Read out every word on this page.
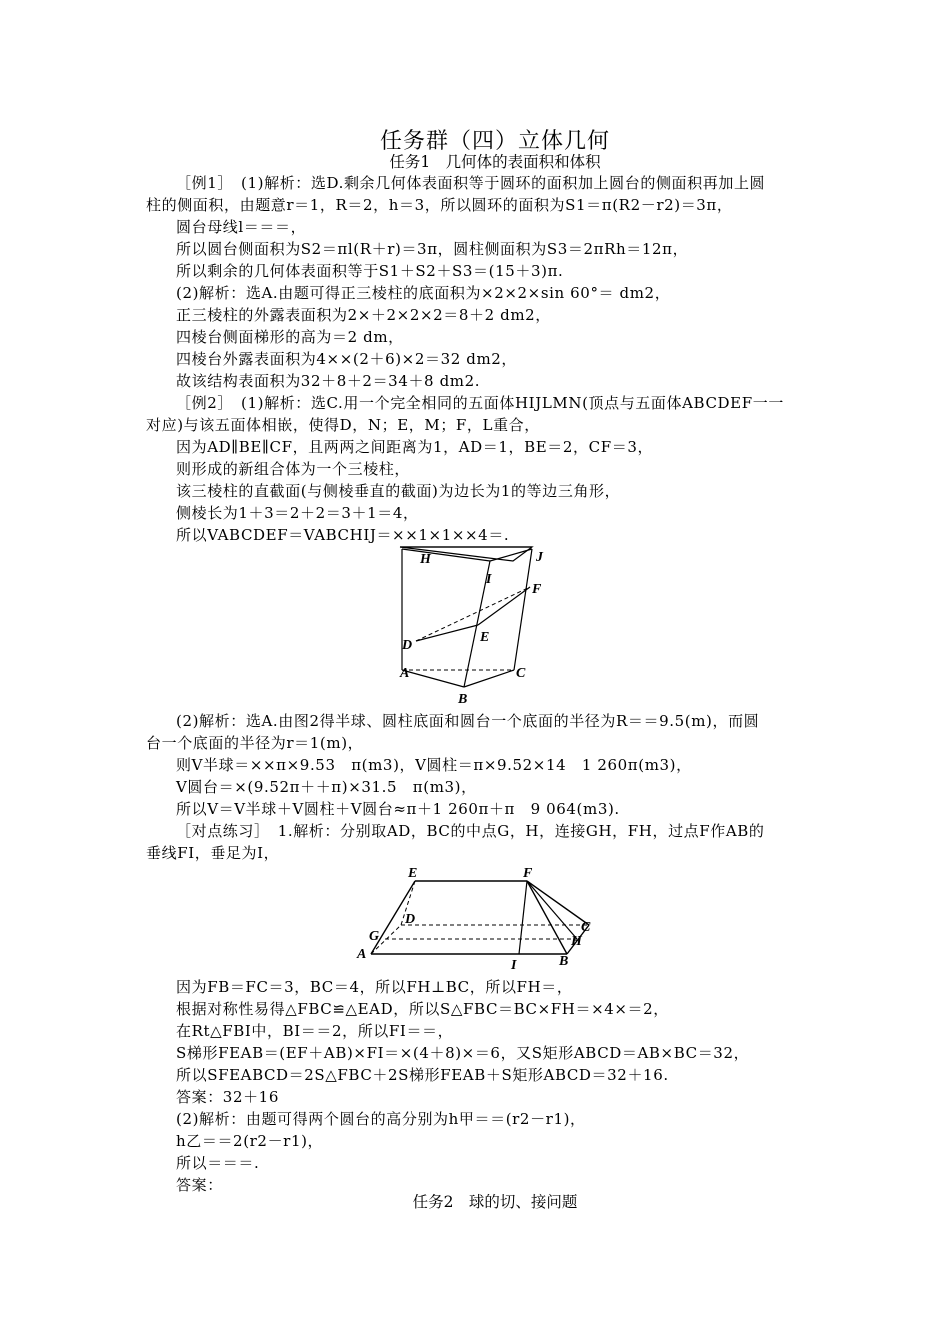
任务群（四）立体几何
任务1　几何体的表面积和体积
［例1］　(1)解析：选D.剩余几何体表面积等于圆环的面积加上圆台的侧面积再加上圆
柱的侧面积，由题意r＝1，R＝2，h＝3，所以圆环的面积为S1＝π(R2－r2)＝3π，
圆台母线l＝＝＝，
所以圆台侧面积为S2＝πl(R＋r)＝3π，圆柱侧面积为S3＝2πRh＝12π，
所以剩余的几何体表面积等于S1＋S2＋S3＝(15＋3)π.
(2)解析：选A.由题可得正三棱柱的底面积为×2×2×sin 60°＝ dm2，
正三棱柱的外露表面积为2×＋2×2×2＝8＋2 dm2，
四棱台侧面梯形的高为＝2 dm，
四棱台外露表面积为4××(2＋6)×2＝32 dm2，
故该结构表面积为32＋8＋2＝34＋8 dm2.
［例2］　(1)解析：选C.用一个完全相同的五面体HIJLMN(顶点与五面体ABCDEF一一
对应)与该五面体相嵌，使得D，N；E，M；F，L重合，
因为AD∥BE∥CF，且两两之间距离为1，AD＝1，BE＝2，CF＝3，
则形成的新组合体为一个三棱柱，
该三棱柱的直截面(与侧棱垂直的截面)为边长为1的等边三角形，
侧棱长为1＋3＝2＋2＝3＋1＝4，
所以VABCDEF＝VABCHIJ＝××1×1××4＝.
H
I
J
F
D
E
A	C
B
(2)解析：选A.由图2得半球、圆柱底面和圆台一个底面的半径为R＝＝9.5(m)，而圆
台一个底面的半径为r＝1(m)，
则V半球＝××π×9.53　π(m3)，V圆柱＝π×9.52×14　1 260π(m3)，
V圆台＝×(9.52π＋＋π)×31.5　π(m3)，
所以V＝V半球＋V圆柱＋V圆台≈π＋1 260π＋π　9 064(m3).
［对点练习］　1.解析：分别取AD，BC的中点G，H，连接GH，FH，过点F作AB的
垂线FI，垂足为I，
E	F
D
C
G	H
A
I	B
因为FB＝FC＝3，BC＝4，所以FH⊥BC，所以FH＝，
根据对称性易得△FBC≌△EAD，所以S△FBC＝BC×FH＝×4×＝2，
在Rt△FBI中，BI＝＝2，所以FI＝＝，
S梯形FEAB＝(EF＋AB)×FI＝×(4＋8)×＝6，又S矩形ABCD＝AB×BC＝32，
所以SFEABCD＝2S△FBC＋2S梯形FEAB＋S矩形ABCD＝32＋16.
答案：32＋16
(2)解析：由题可得两个圆台的高分别为h甲＝＝(r2－r1)，
h乙＝＝2(r2－r1)，
所以＝＝＝.
答案：
任务2　球的切、接问题
